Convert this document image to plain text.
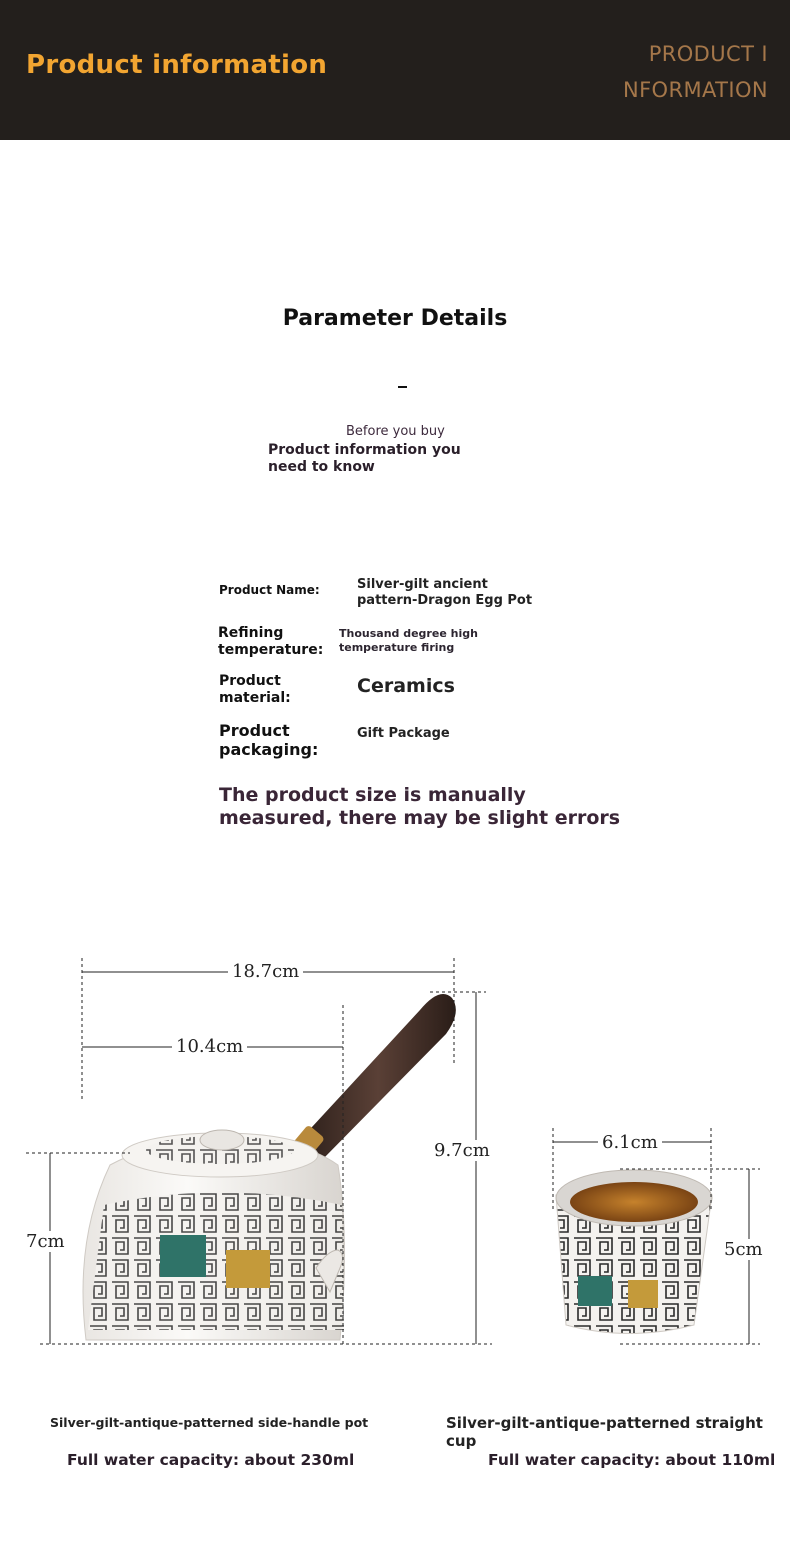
Product information	PRODUCT I
NFORMATION
Parameter Details
Before you buy
Product information you need to know
Product Name:	Silver-gilt ancient pattern-Dragon Egg Pot
Refining temperature:
Thousand degree high temperature firing
Product material:
Ceramics
Product packaging:
Gift Package
The product size is manually measured, there may be slight errors
18.7cm
10.4cm
9.7cm
7cm
6.1cm
5cm
Silver-gilt-antique-patterned side-handle pot	Silver-gilt-antique-patterned straight cup
Full water capacity: about 230ml	Full water capacity: about 110ml
